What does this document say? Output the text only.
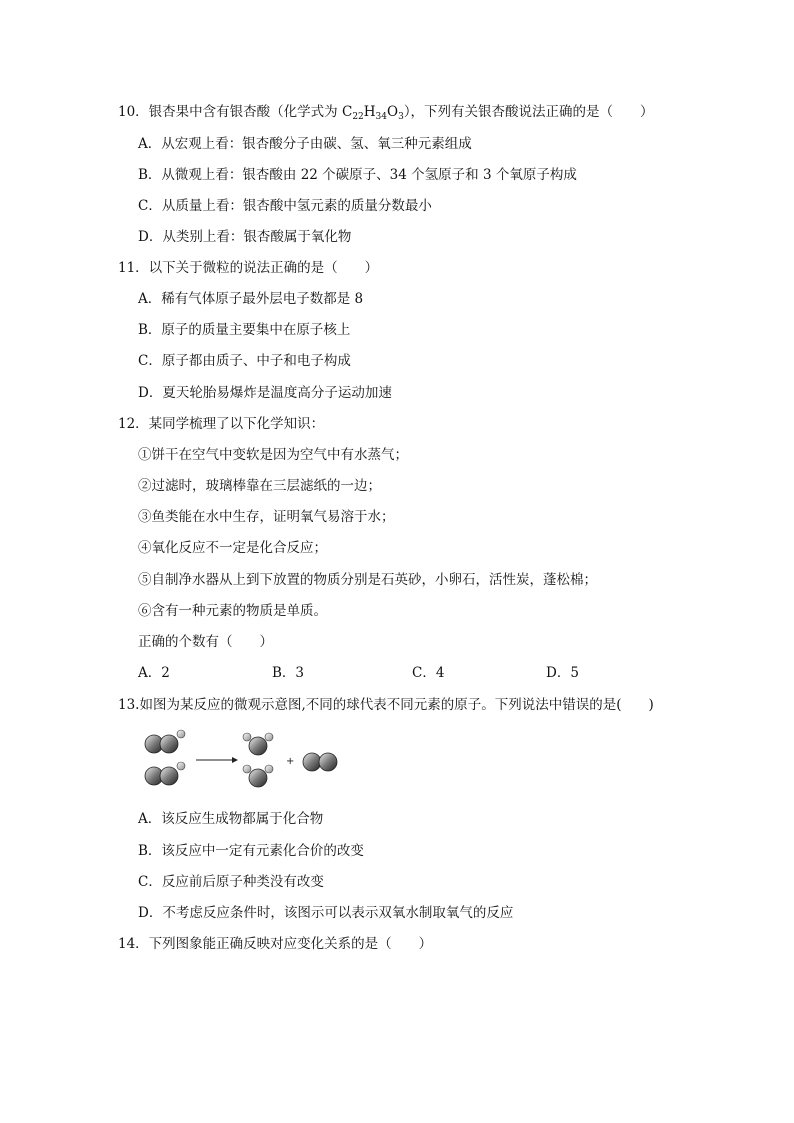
10．银杏果中含有银杏酸（化学式为 $C_{22}H_{34}O_3$），下列有关银杏酸说法正确的是（　　）
A．从宏观上看：银杏酸分子由碳、氢、氧三种元素组成
B．从微观上看：银杏酸由 22 个碳原子、34 个氢原子和 3 个氧原子构成
C．从质量上看：银杏酸中氢元素的质量分数最小
D．从类别上看：银杏酸属于氧化物
11．以下关于微粒的说法正确的是（　　）
A．稀有气体原子最外层电子数都是 8
B．原子的质量主要集中在原子核上
C．原子都由质子、中子和电子构成
D．夏天轮胎易爆炸是温度高分子运动加速
12．某同学梳理了以下化学知识：
①饼干在空气中变软是因为空气中有水蒸气；
②过滤时，玻璃棒靠在三层滤纸的一边；
③鱼类能在水中生存，证明氧气易溶于水；
④氧化反应不一定是化合反应；
⑤自制净水器从上到下放置的物质分别是石英砂，小卵石，活性炭，蓬松棉；
⑥含有一种元素的物质是单质。
正确的个数有（　　）
A．2	B．3	C．4	D．5
13.如图为某反应的微观示意图,不同的球代表不同元素的原子。下列说法中错误的是(　　)
+
A．该反应生成物都属于化合物
B．该反应中一定有元素化合价的改变
C．反应前后原子种类没有改变
D．不考虑反应条件时，该图示可以表示双氧水制取氧气的反应
14．下列图象能正确反映对应变化关系的是（　　）
